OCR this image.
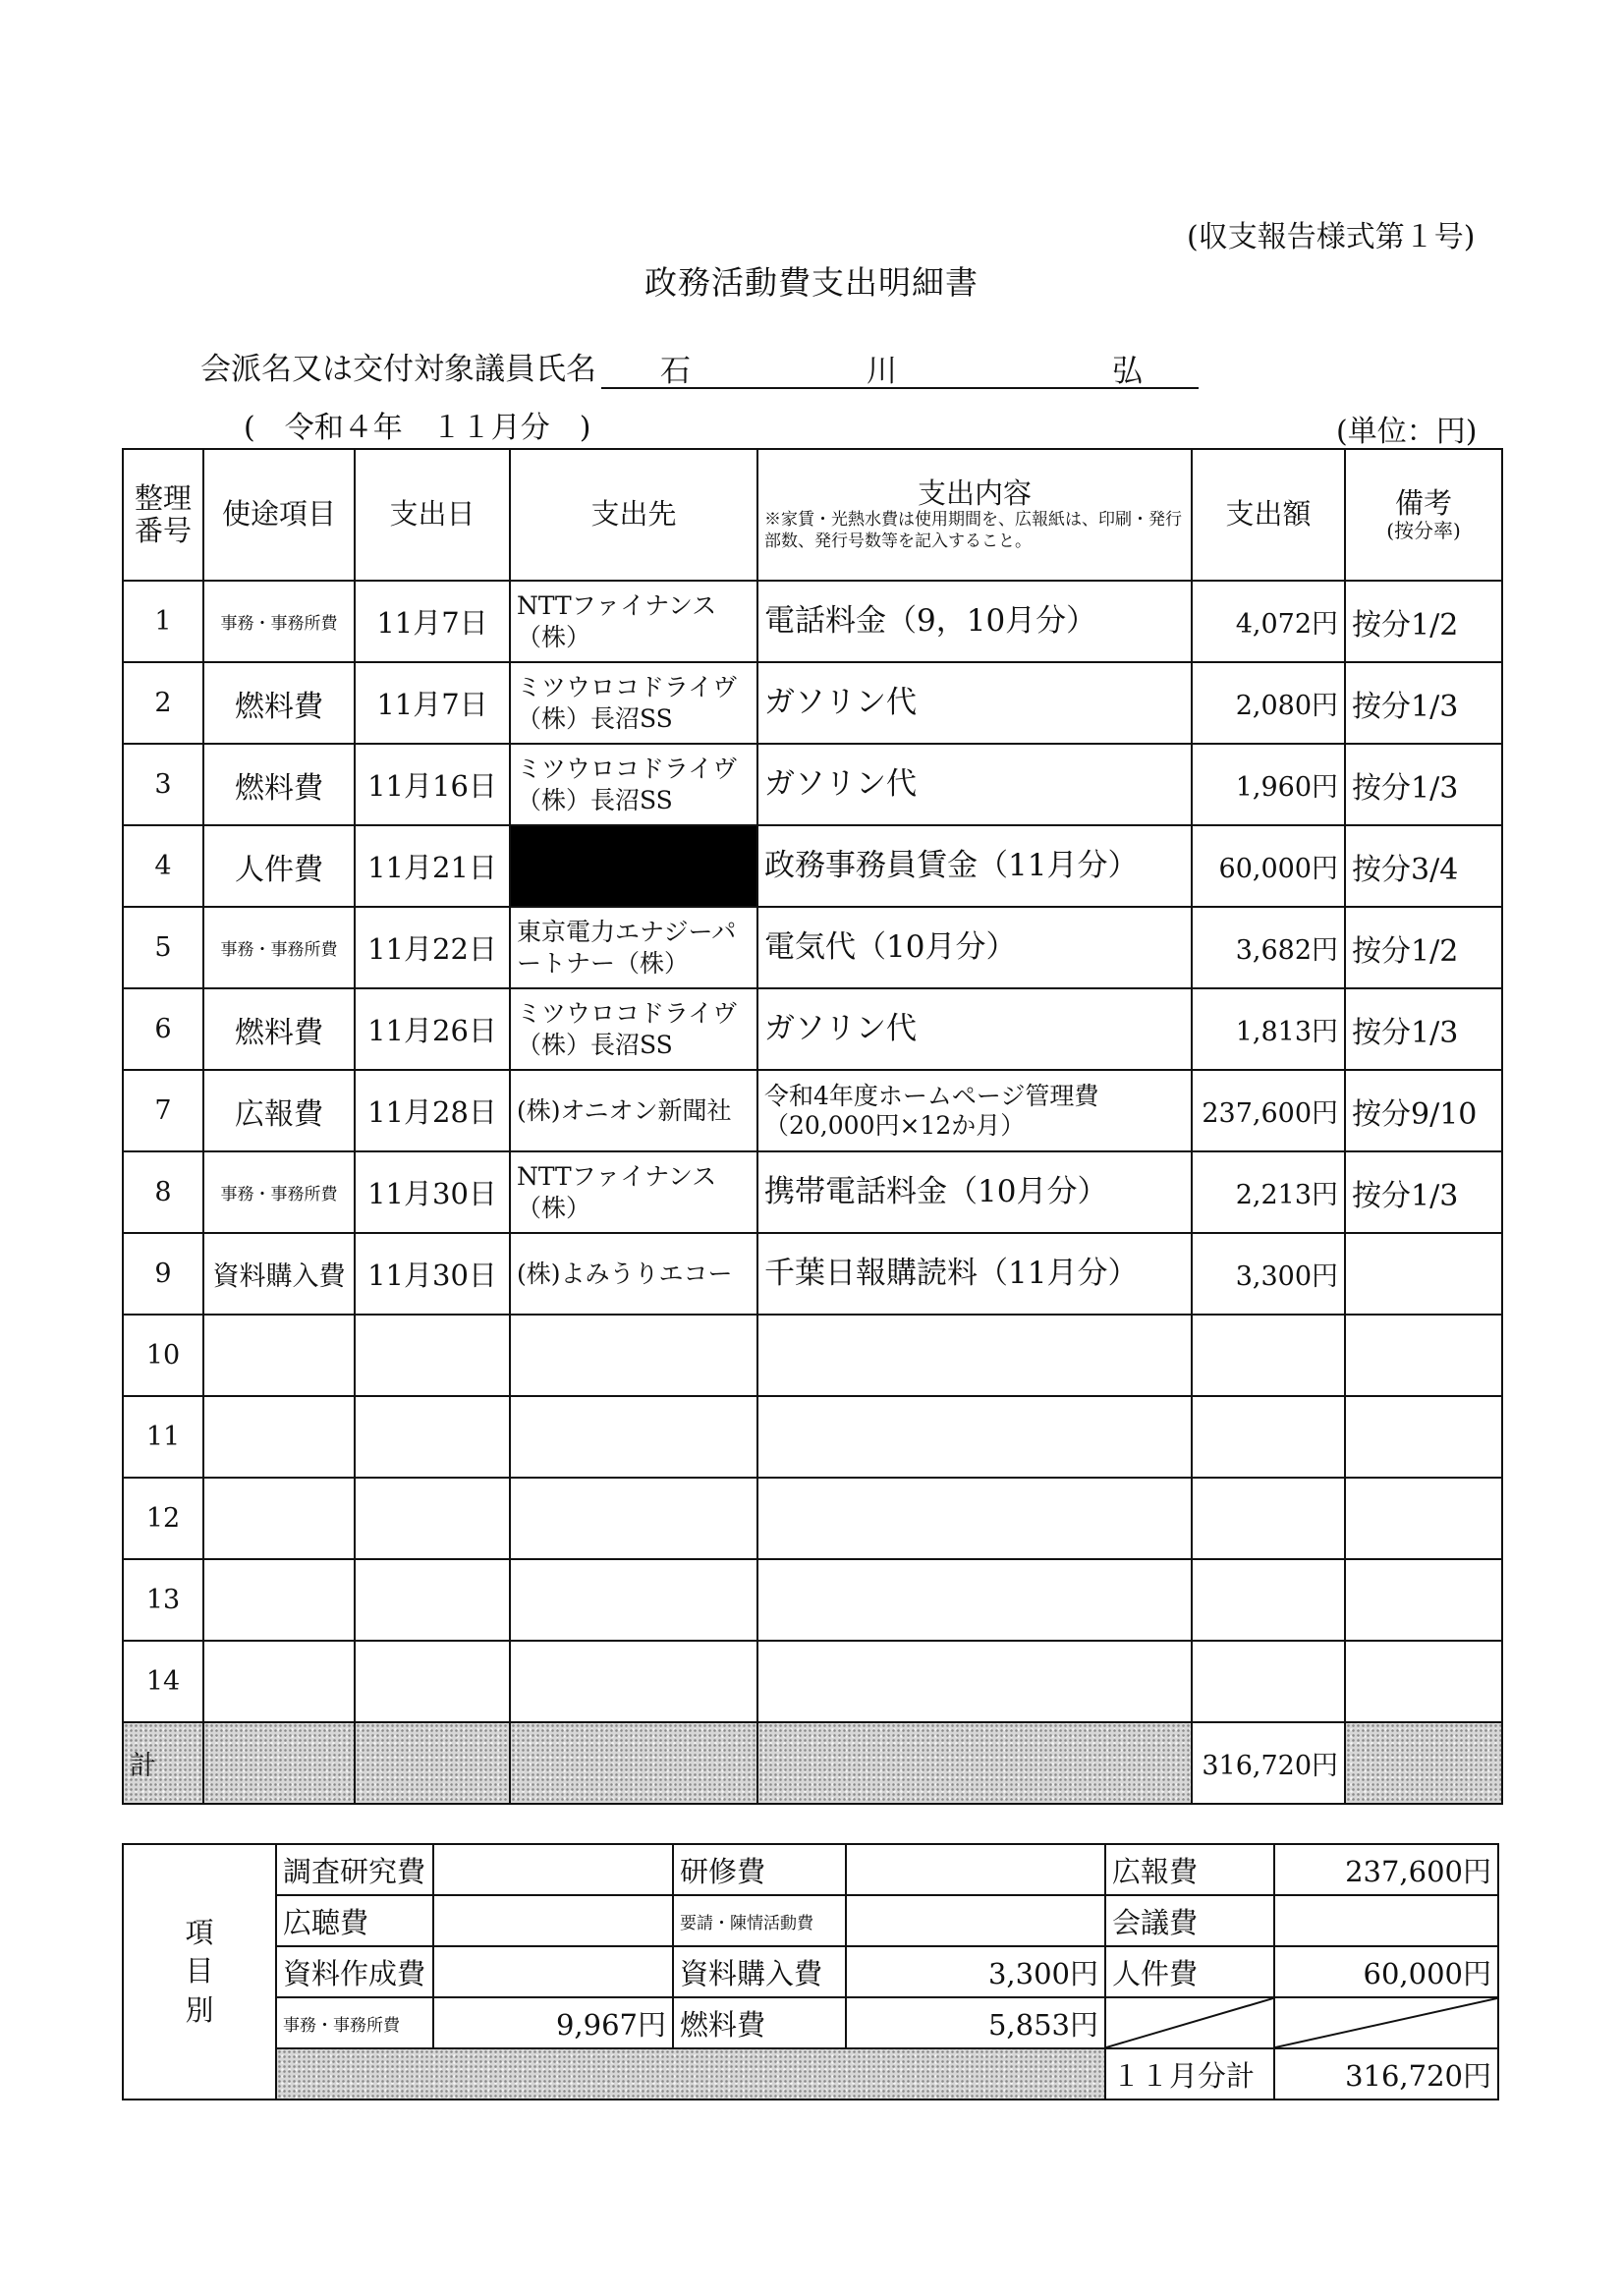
(収支報告様式第１号)
政務活動費支出明細書
会派名又は交付対象議員氏名 石	川	弘
(　令和４年　１１月分　)	(単位：円)
整理番号	使途項目	支出日	支出先	支出内容
※家賃・光熱水費は使用期間を、広報紙は、印刷・発行部数、発行号数等を記入すること。	支出額	備考
(按分率)

1	事務・事務所費	11月7日	NTTファイナンス（株）	電話料金（9，10月分）	4,072円	按分1/2
2	燃料費	11月7日	ミツウロコドライヴ（株）長沼SS	ガソリン代	2,080円	按分1/3
3	燃料費	11月16日	ミツウロコドライヴ（株）長沼SS	ガソリン代	1,960円	按分1/3
4	人件費	11月21日		政務事務員賃金（11月分）	60,000円	按分3/4
5	事務・事務所費	11月22日	東京電力エナジーパートナー（株）	電気代（10月分）	3,682円	按分1/2
6	燃料費	11月26日	ミツウロコドライヴ（株）長沼SS	ガソリン代	1,813円	按分1/3
7	広報費	11月28日	(株)オニオン新聞社	令和4年度ホームページ管理費（20,000円×12か月）	237,600円	按分9/10
8	事務・事務所費	11月30日	NTTファイナンス（株）	携帯電話料金（10月分）	2,213円	按分1/3
9	資料購入費	11月30日	(株)よみうりエコー	千葉日報購読料（11月分）	3,300円	
10						
11						
12						
13						
14						
計					316,720円	
項目別	調査研究費		研修費		広報費	237,600円
	広聴費		要請・陳情活動費		会議費	
	資料作成費		資料購入費	3,300円	人件費	60,000円
	事務・事務所費	9,967円	燃料費	5,853円	

					１１月分計	316,720円
